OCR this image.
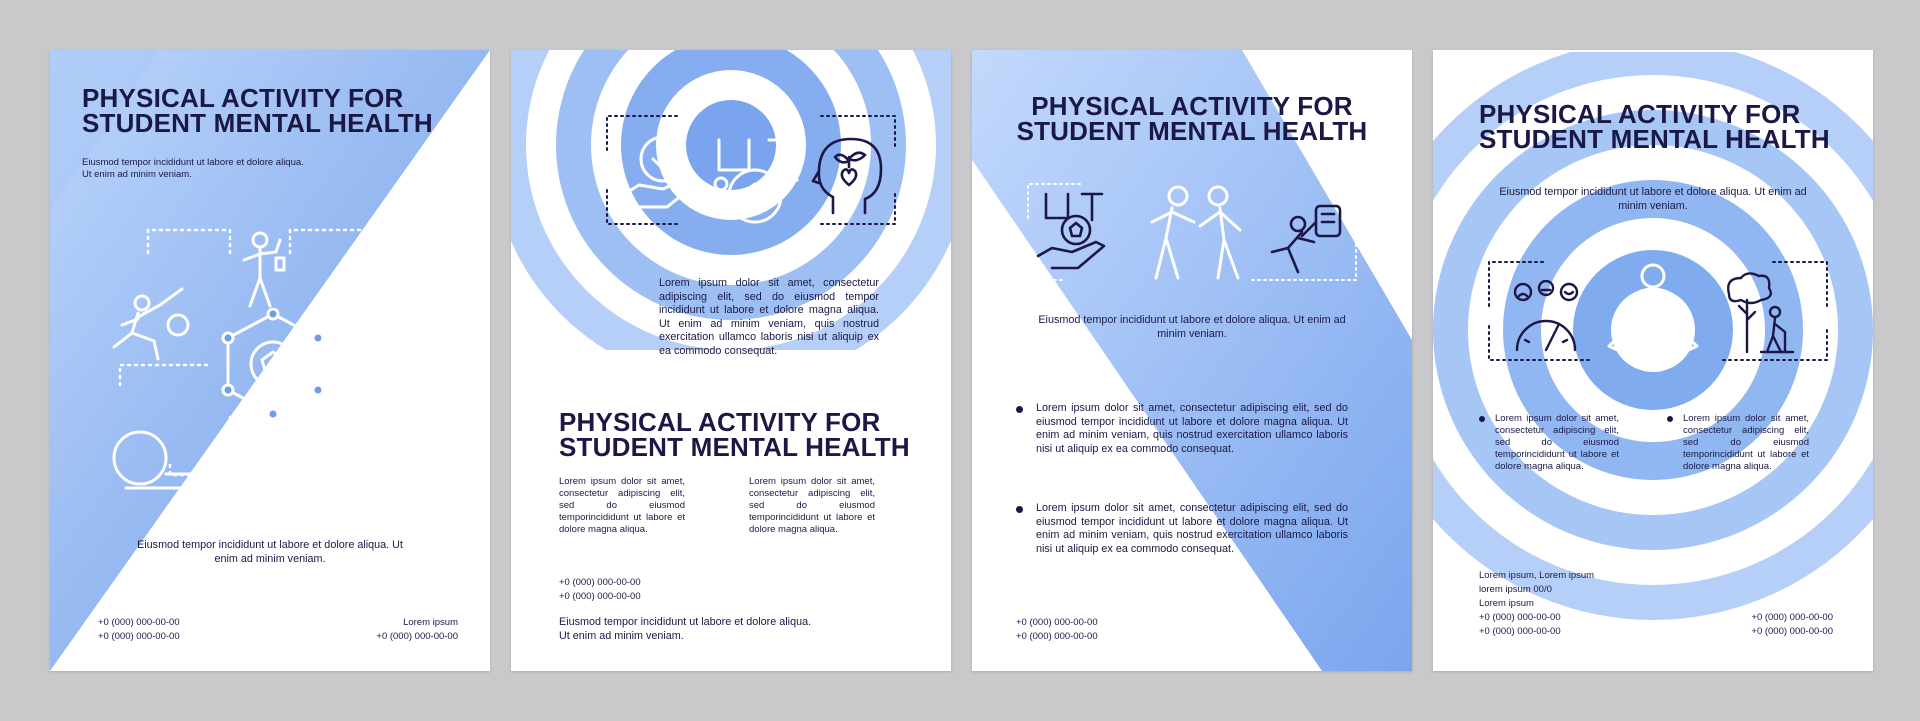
PHYSICAL ACTIVITY FOR
STUDENT MENTAL HEALTH

Eiusmod tempor incididunt ut labore et dolore aliqua. Ut enim ad minim veniam.

Eiusmod tempor incididunt ut labore et dolore aliqua. Ut enim ad minim veniam.

+0 (000) 000-00-00

+0 (000) 000-00-00

Lorem ipsum

+0 (000) 000-00-00

Lorem ipsum dolor sit amet, consectetur adipiscing elit, sed do eiusmod tempor incididunt ut labore et dolore magna aliqua. Ut enim ad minim veniam, quis nostrud exercitation ullamco laboris nisi ut aliquip ex ea commodo consequat.

PHYSICAL ACTIVITY FOR
STUDENT MENTAL HEALTH

Lorem ipsum dolor sit amet, consectetur adipiscing elit, sed do eiusmod temporincididunt ut labore et dolore magna aliqua.

Lorem ipsum dolor sit amet, consectetur adipiscing elit, sed do eiusmod temporincididunt ut labore et dolore magna aliqua.

+0 (000) 000-00-00

+0 (000) 000-00-00

Eiusmod tempor incididunt ut labore et dolore aliqua. Ut enim ad minim veniam.

PHYSICAL ACTIVITY FOR
STUDENT MENTAL HEALTH

Eiusmod tempor incididunt ut labore et dolore aliqua. Ut enim ad minim veniam.

Lorem ipsum dolor sit amet, consectetur adipiscing elit, sed do eiusmod tempor incididunt ut labore et dolore magna aliqua. Ut enim ad minim veniam, quis nostrud exercitation ullamco laboris nisi ut aliquip ex ea commodo consequat.

Lorem ipsum dolor sit amet, consectetur adipiscing elit, sed do eiusmod tempor incididunt ut labore et dolore magna aliqua. Ut enim ad minim veniam, quis nostrud exercitation ullamco laboris nisi ut aliquip ex ea commodo consequat.

+0 (000) 000-00-00

+0 (000) 000-00-00

PHYSICAL ACTIVITY FOR
STUDENT MENTAL HEALTH

Eiusmod tempor incididunt ut labore et dolore aliqua. Ut enim ad minim veniam.

Lorem ipsum dolor sit amet, consectetur adipiscing elit, sed do eiusmod temporincididunt ut labore et dolore magna aliqua.

Lorem ipsum dolor sit amet, consectetur adipiscing elit, sed do eiusmod temporincididunt ut labore et dolore magna aliqua.

Lorem ipsum, Lorem ipsum

lorem ipsum 00/0

Lorem ipsum

+0 (000) 000-00-00

+0 (000) 000-00-00

+0 (000) 000-00-00

+0 (000) 000-00-00
